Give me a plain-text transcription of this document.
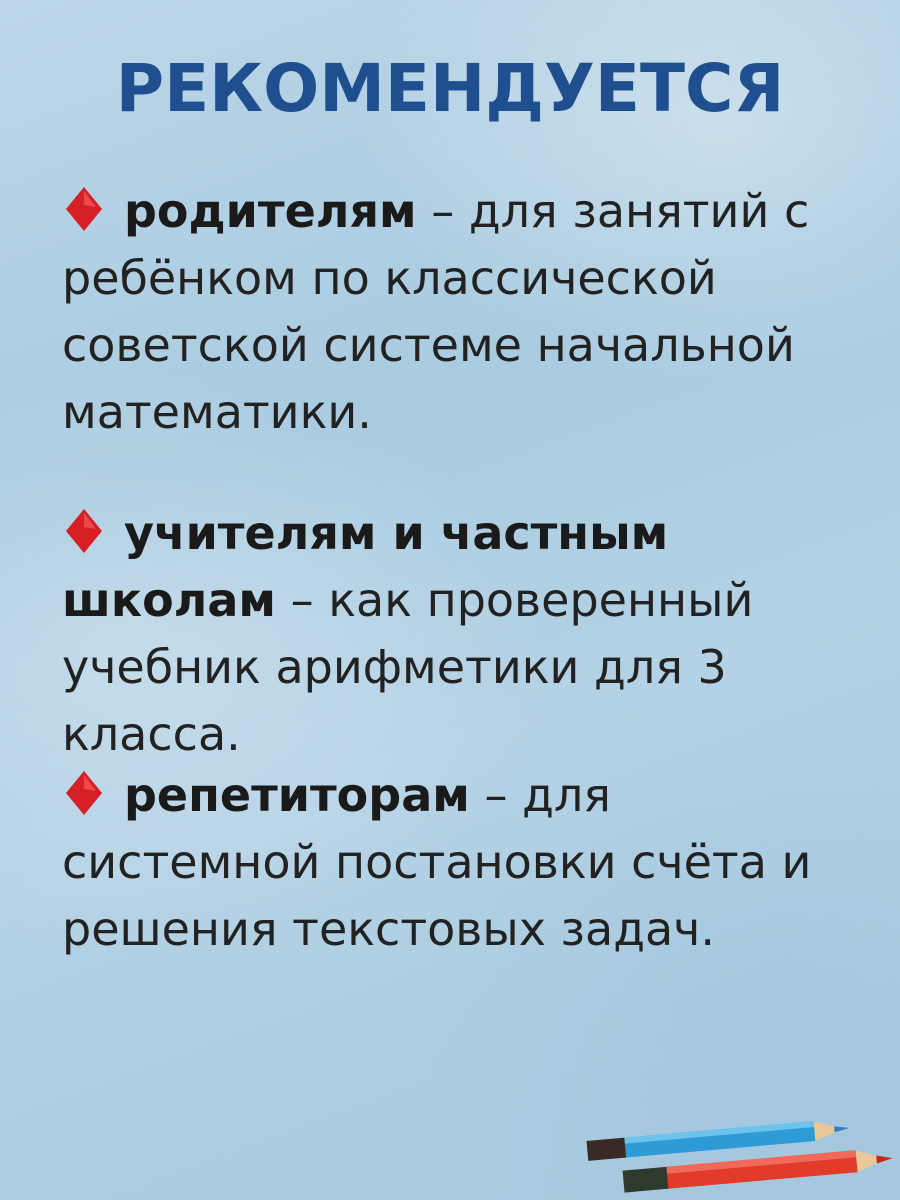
РЕКОМЕНДУЕТСЯ
родителям – для занятий с ребёнком по классической советской системе начальной математики.
учителям и частным школам – как проверенный учебник арифметики для 3 класса.
репетиторам – для системной постановки счёта и решения текстовых задач.
